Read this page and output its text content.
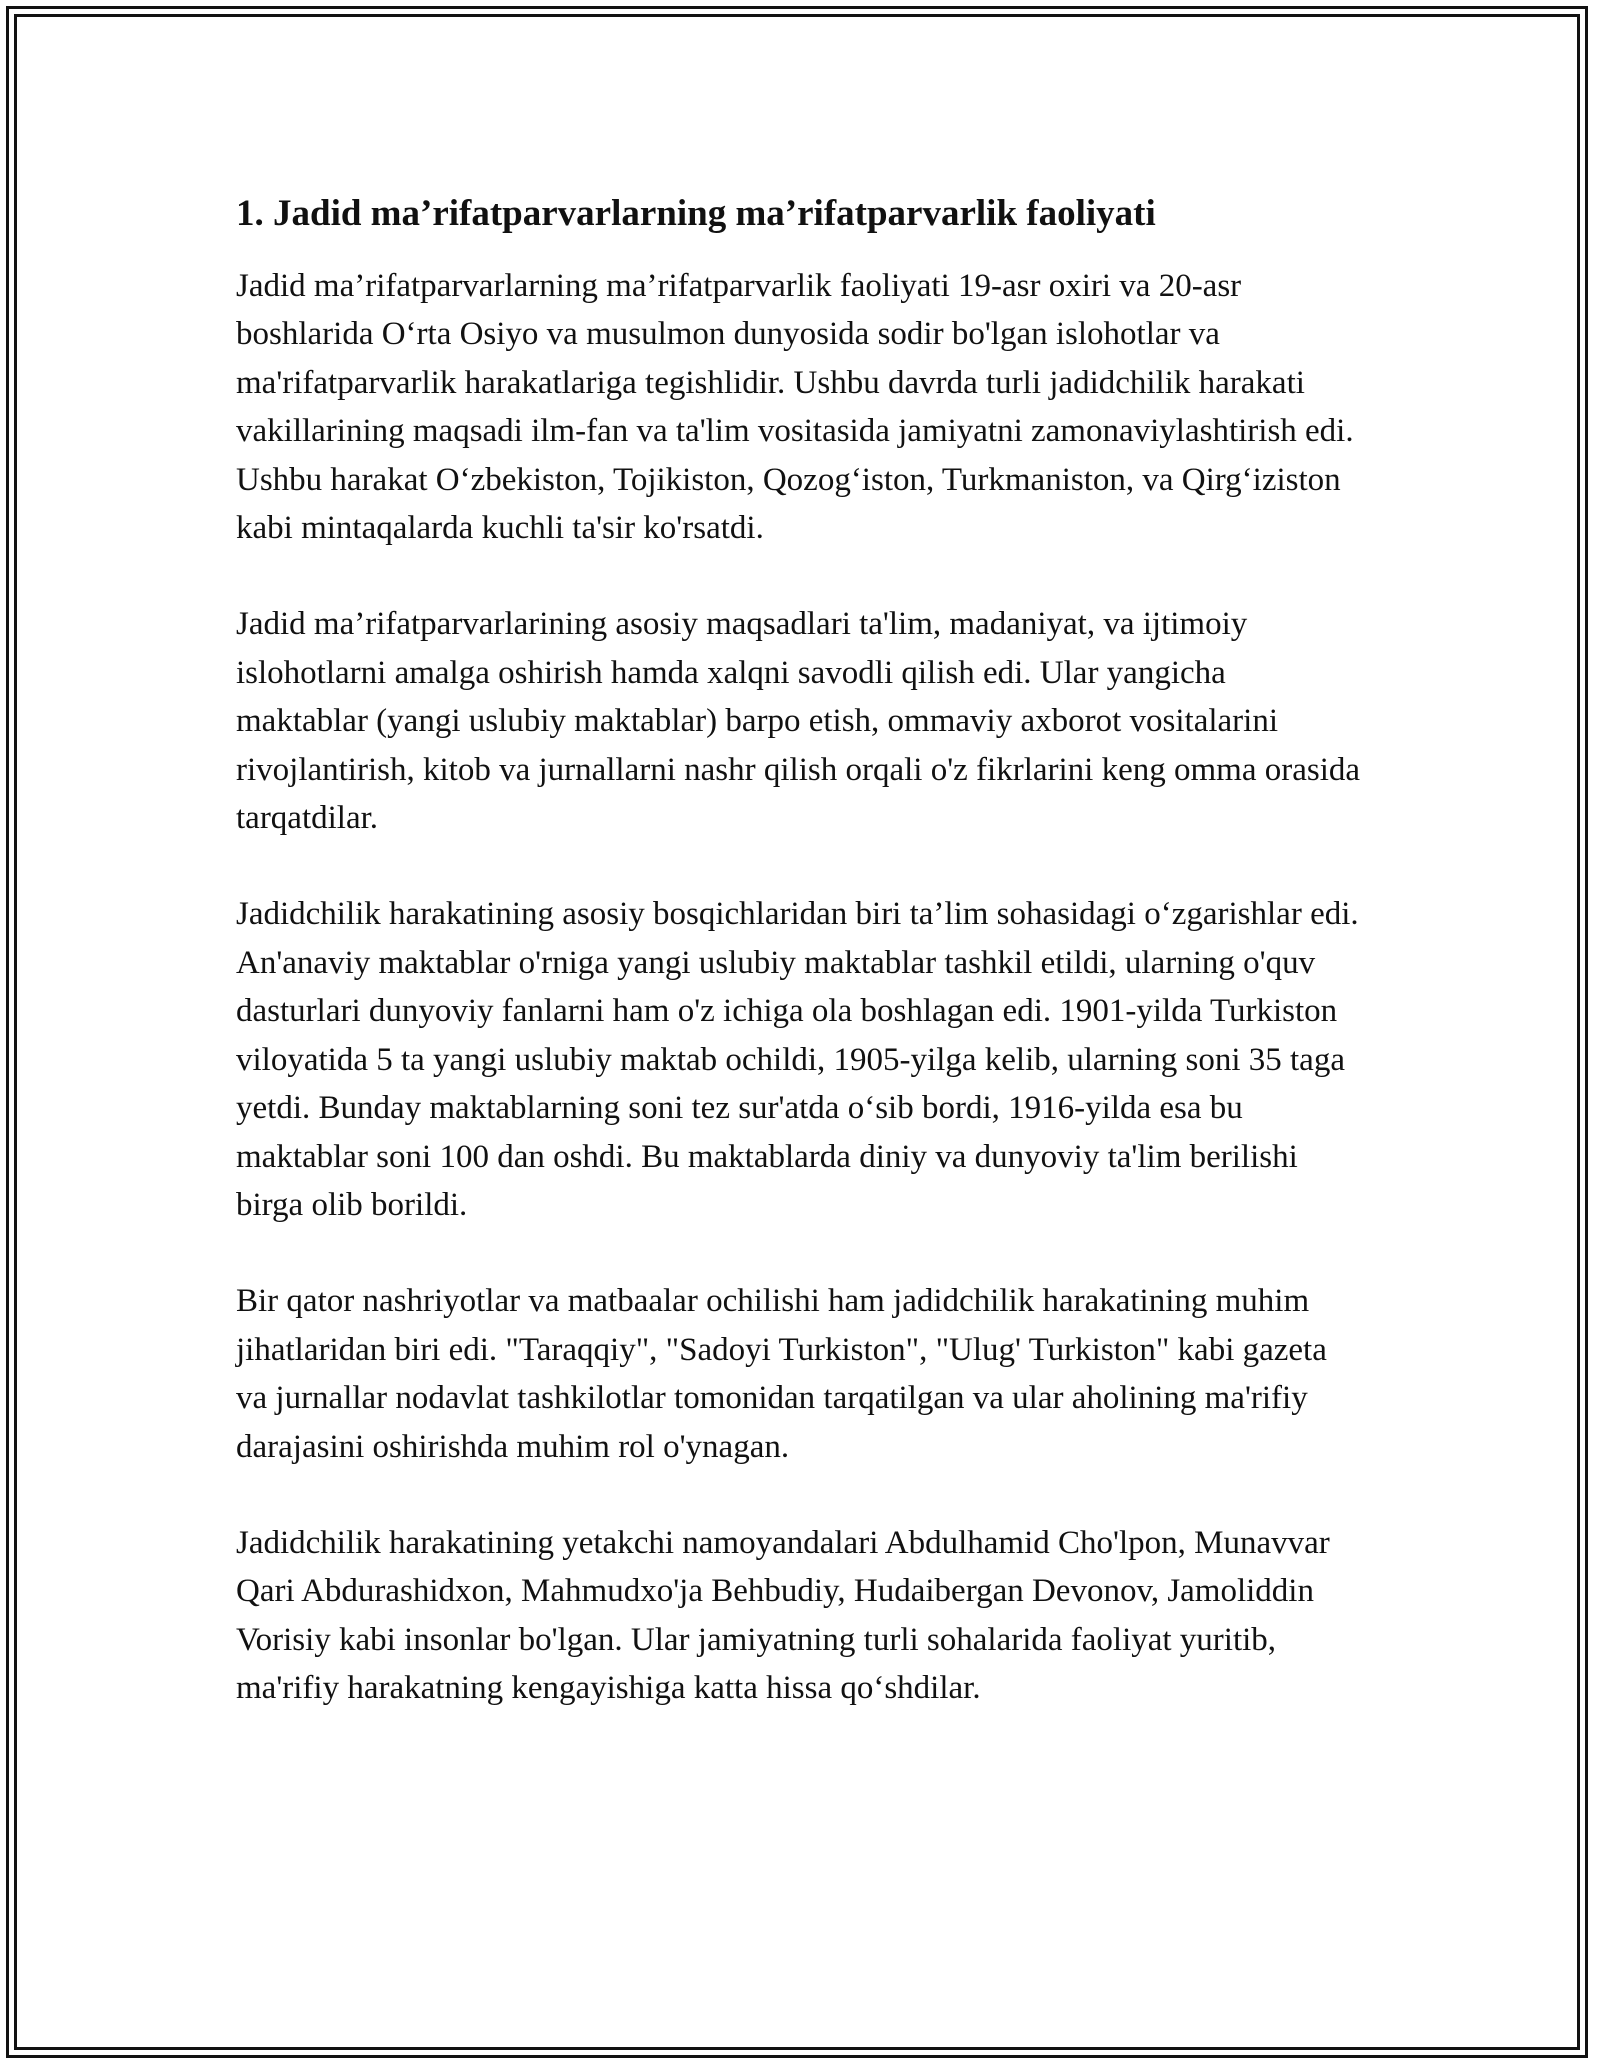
1. Jadid ma’rifatparvarlarning ma’rifatparvarlik faoliyati

Jadid ma’rifatparvarlarning ma’rifatparvarlik faoliyati 19-asr oxiri va 20-asr boshlarida O‘rta Osiyo va musulmon dunyosida sodir bo'lgan islohotlar va ma'rifatparvarlik harakatlariga tegishlidir. Ushbu davrda turli jadidchilik harakati vakillarining maqsadi ilm-fan va ta'lim vositasida jamiyatni zamonaviylashtirish edi. Ushbu harakat O‘zbekiston, Tojikiston, Qozog‘iston, Turkmaniston, va Qirg‘iziston kabi mintaqalarda kuchli ta'sir ko'rsatdi.

Jadid ma’rifatparvarlarining asosiy maqsadlari ta'lim, madaniyat, va ijtimoiy islohotlarni amalga oshirish hamda xalqni savodli qilish edi. Ular yangicha maktablar (yangi uslubiy maktablar) barpo etish, ommaviy axborot vositalarini rivojlantirish, kitob va jurnallarni nashr qilish orqali o'z fikrlarini keng omma orasida tarqatdilar.

Jadidchilik harakatining asosiy bosqichlaridan biri ta’lim sohasidagi o‘zgarishlar edi. An'anaviy maktablar o'rniga yangi uslubiy maktablar tashkil etildi, ularning o'quv dasturlari dunyoviy fanlarni ham o'z ichiga ola boshlagan edi. 1901-yilda Turkiston viloyatida 5 ta yangi uslubiy maktab ochildi, 1905-yilga kelib, ularning soni 35 taga yetdi. Bunday maktablarning soni tez sur'atda o‘sib bordi, 1916-yilda esa bu maktablar soni 100 dan oshdi. Bu maktablarda diniy va dunyoviy ta'lim berilishi birga olib borildi.

Bir qator nashriyotlar va matbaalar ochilishi ham jadidchilik harakatining muhim jihatlaridan biri edi. "Taraqqiy", "Sadoyi Turkiston", "Ulug' Turkiston" kabi gazeta va jurnallar nodavlat tashkilotlar tomonidan tarqatilgan va ular aholining ma'rifiy darajasini oshirishda muhim rol o'ynagan.

Jadidchilik harakatining yetakchi namoyandalari Abdulhamid Cho'lpon, Munavvar Qari Abdurashidxon, Mahmudxo'ja Behbudiy, Hudaibergan Devonov, Jamoliddin Vorisiy kabi insonlar bo'lgan. Ular jamiyatning turli sohalarida faoliyat yuritib, ma'rifiy harakatning kengayishiga katta hissa qo‘shdilar.
